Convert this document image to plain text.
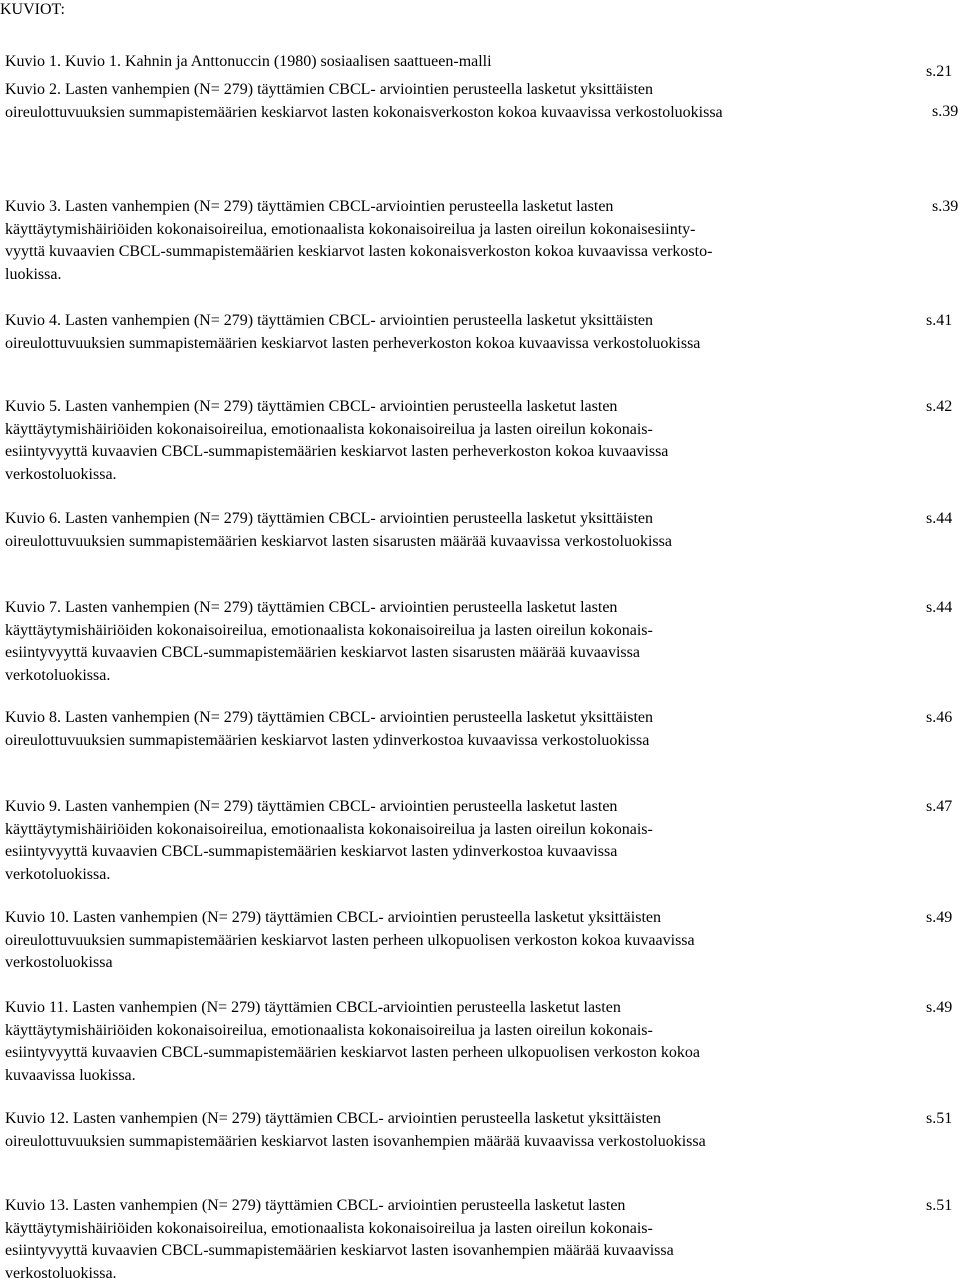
KUVIOT:
Kuvio 1. Kuvio 1. Kahnin ja Anttonuccin (1980) sosiaalisen saattueen-malli
s.21
Kuvio 2. Lasten vanhempien (N= 279) täyttämien CBCL- arviointien perusteella lasketut yksittäisten
oireulottuvuuksien summapistemäärien keskiarvot lasten kokonaisverkoston kokoa kuvaavissa verkostoluokissa	s.39
Kuvio 3. Lasten vanhempien (N= 279) täyttämien CBCL-arviointien perusteella lasketut lasten
käyttäytymishäiriöiden kokonaisoireilua, emotionaalista kokonaisoireilua ja lasten oireilun kokonaisesiinty-
vyyttä kuvaavien CBCL-summapistemäärien keskiarvot lasten kokonaisverkoston kokoa kuvaavissa verkosto-
luokissa.
s.39
Kuvio 4. Lasten vanhempien (N= 279) täyttämien CBCL- arviointien perusteella lasketut yksittäisten
oireulottuvuuksien summapistemäärien keskiarvot lasten perheverkoston kokoa kuvaavissa verkostoluokissa
s.41
Kuvio 5. Lasten vanhempien (N= 279) täyttämien CBCL- arviointien perusteella lasketut lasten
käyttäytymishäiriöiden kokonaisoireilua, emotionaalista kokonaisoireilua ja lasten oireilun kokonais-
esiintyvyyttä kuvaavien CBCL-summapistemäärien keskiarvot lasten perheverkoston kokoa kuvaavissa
verkostoluokissa.
s.42
Kuvio 6. Lasten vanhempien (N= 279) täyttämien CBCL- arviointien perusteella lasketut yksittäisten
oireulottuvuuksien summapistemäärien keskiarvot lasten sisarusten määrää kuvaavissa verkostoluokissa
s.44
Kuvio 7. Lasten vanhempien (N= 279) täyttämien CBCL- arviointien perusteella lasketut lasten
käyttäytymishäiriöiden kokonaisoireilua, emotionaalista kokonaisoireilua ja lasten oireilun kokonais-
esiintyvyyttä kuvaavien CBCL-summapistemäärien keskiarvot lasten sisarusten määrää kuvaavissa
verkotoluokissa.
s.44
Kuvio 8. Lasten vanhempien (N= 279) täyttämien CBCL- arviointien perusteella lasketut yksittäisten
oireulottuvuuksien summapistemäärien keskiarvot lasten ydinverkostoa kuvaavissa verkostoluokissa
s.46
Kuvio 9. Lasten vanhempien (N= 279) täyttämien CBCL- arviointien perusteella lasketut lasten
käyttäytymishäiriöiden kokonaisoireilua, emotionaalista kokonaisoireilua ja lasten oireilun kokonais-
esiintyvyyttä kuvaavien CBCL-summapistemäärien keskiarvot lasten ydinverkostoa kuvaavissa
verkotoluokissa.
s.47
Kuvio 10. Lasten vanhempien (N= 279) täyttämien CBCL- arviointien perusteella lasketut yksittäisten
oireulottuvuuksien summapistemäärien keskiarvot lasten perheen ulkopuolisen verkoston kokoa kuvaavissa
verkostoluokissa
s.49
Kuvio 11. Lasten vanhempien (N= 279) täyttämien CBCL-arviointien perusteella lasketut lasten
käyttäytymishäiriöiden kokonaisoireilua, emotionaalista kokonaisoireilua ja lasten oireilun kokonais-
esiintyvyyttä kuvaavien CBCL-summapistemäärien keskiarvot lasten perheen ulkopuolisen verkoston kokoa
kuvaavissa luokissa.
s.49
Kuvio 12. Lasten vanhempien (N= 279) täyttämien CBCL- arviointien perusteella lasketut yksittäisten
oireulottuvuuksien summapistemäärien keskiarvot lasten isovanhempien määrää kuvaavissa verkostoluokissa
s.51
Kuvio 13. Lasten vanhempien (N= 279) täyttämien CBCL- arviointien perusteella lasketut lasten
käyttäytymishäiriöiden kokonaisoireilua, emotionaalista kokonaisoireilua ja lasten oireilun kokonais-
esiintyvyyttä kuvaavien CBCL-summapistemäärien keskiarvot lasten isovanhempien määrää kuvaavissa
verkostoluokissa.
s.51
